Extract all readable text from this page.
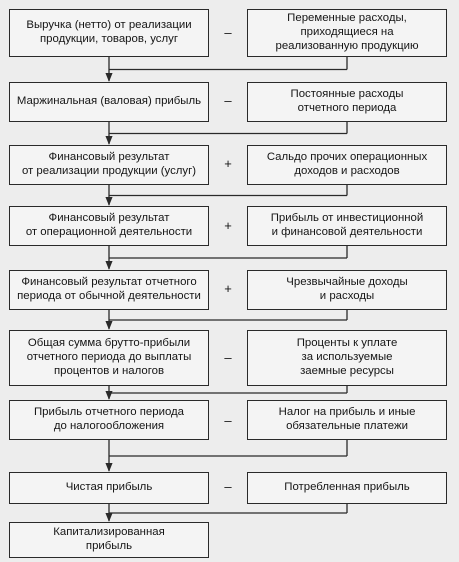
Выручка (нетто) от реализации
продукции, товаров, услуг
Маржинальная (валовая) прибыль
Финансовый результат
от реализации продукции (услуг)
Финансовый результат
от операционной деятельности
Финансовый результат отчетного
периода от обычной деятельности
Общая сумма брутто-прибыли
отчетного периода до выплаты
процентов и налогов
Прибыль отчетного периода
до налогообложения
Чистая прибыль
Капитализированная
прибыль
Переменные расходы,
приходящиеся на
реализованную продукцию
Постоянные расходы
отчетного периода
Сальдо прочих операционных
доходов и расходов
Прибыль от инвестиционной
и финансовой деятельности
Чрезвычайные доходы
и расходы
Проценты к уплате
за используемые
заемные ресурсы
Налог на прибыль и иные
обязательные платежи
Потребленная прибыль
–
–
+
+
+
–
–
–
